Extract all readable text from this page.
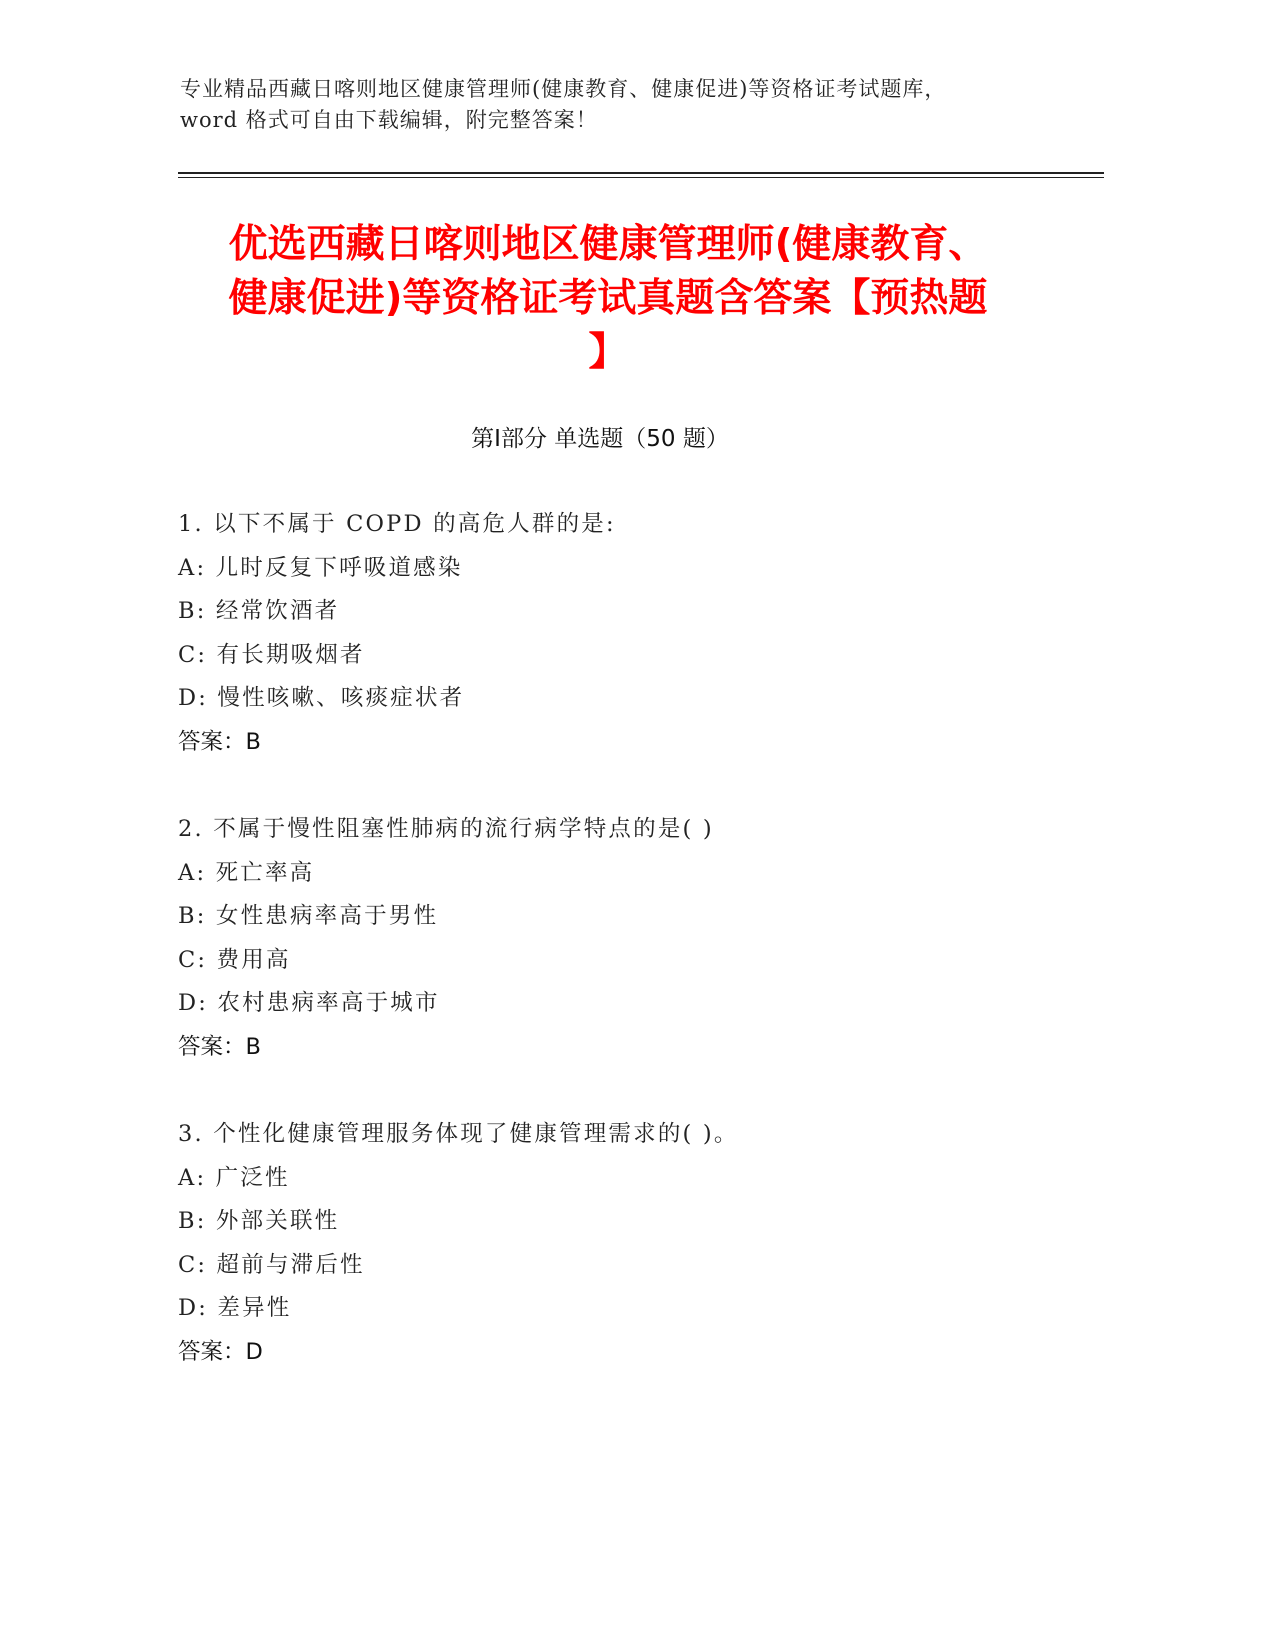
专业精品西藏日喀则地区健康管理师(健康教育、健康促进)等资格证考试题库，
word 格式可自由下载编辑，附完整答案！
优选西藏日喀则地区健康管理师(健康教育、
健康促进)等资格证考试真题含答案【预热题
】
第Ⅰ部分 单选题（50 题）
1. 以下不属于 COPD 的高危人群的是:
A: 儿时反复下呼吸道感染
B: 经常饮酒者
C: 有长期吸烟者
D: 慢性咳嗽、咳痰症状者
答案：B
2. 不属于慢性阻塞性肺病的流行病学特点的是( )
A: 死亡率高
B: 女性患病率高于男性
C: 费用高
D: 农村患病率高于城市
答案：B
3. 个性化健康管理服务体现了健康管理需求的( )。
A: 广泛性
B: 外部关联性
C: 超前与滞后性
D: 差异性
答案：D
